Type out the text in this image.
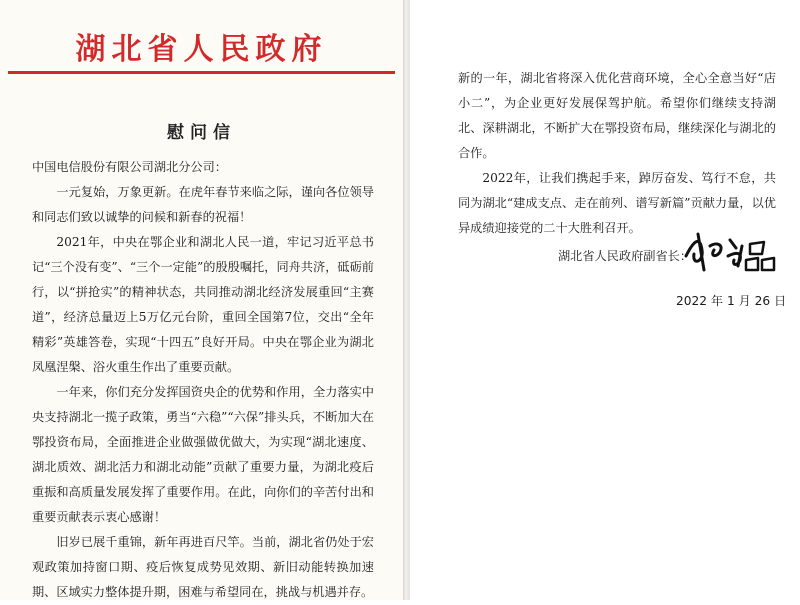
湖北省人民政府
慰问信

中国电信股份有限公司湖北分公司：

一元复始，万象更新。在虎年春节来临之际，谨向各位领导和同志们致以诚挚的问候和新春的祝福！

2021年，中央在鄂企业和湖北人民一道，牢记习近平总书记“三个没有变”、“三个一定能”的殷殷嘱托，同舟共济，砥砺前行，以“拼抢实”的精神状态，共同推动湖北经济发展重回“主赛道”，经济总量迈上5万亿元台阶，重回全国第7位，交出“全年精彩”英雄答卷，实现“十四五”良好开局。中央在鄂企业为湖北凤凰涅槃、浴火重生作出了重要贡献。

一年来，你们充分发挥国资央企的优势和作用，全力落实中央支持湖北一揽子政策，勇当“六稳”“六保”排头兵，不断加大在鄂投资布局，全面推进企业做强做优做大，为实现“湖北速度、湖北质效、湖北活力和湖北动能”贡献了重要力量，为湖北疫后重振和高质量发展发挥了重要作用。在此，向你们的辛苦付出和重要贡献表示衷心感谢！

旧岁已展千重锦，新年再进百尺竿。当前，湖北省仍处于宏观政策加持窗口期、疫后恢复成势见效期、新旧动能转换加速期、区域实力整体提升期，困难与希望同在，挑战与机遇并存。

新的一年，湖北省将深入优化营商环境，全心全意当好“店小二”，为企业更好发展保驾护航。希望你们继续支持湖北、深耕湖北，不断扩大在鄂投资布局，继续深化与湖北的合作。

2022年，让我们携起手来，踔厉奋发、笃行不怠，共同为湖北“建成支点、走在前列、谱写新篇”贡献力量，以优异成绩迎接党的二十大胜利召开。

湖北省人民政府副省长：
2022 年 1 月 26 日
